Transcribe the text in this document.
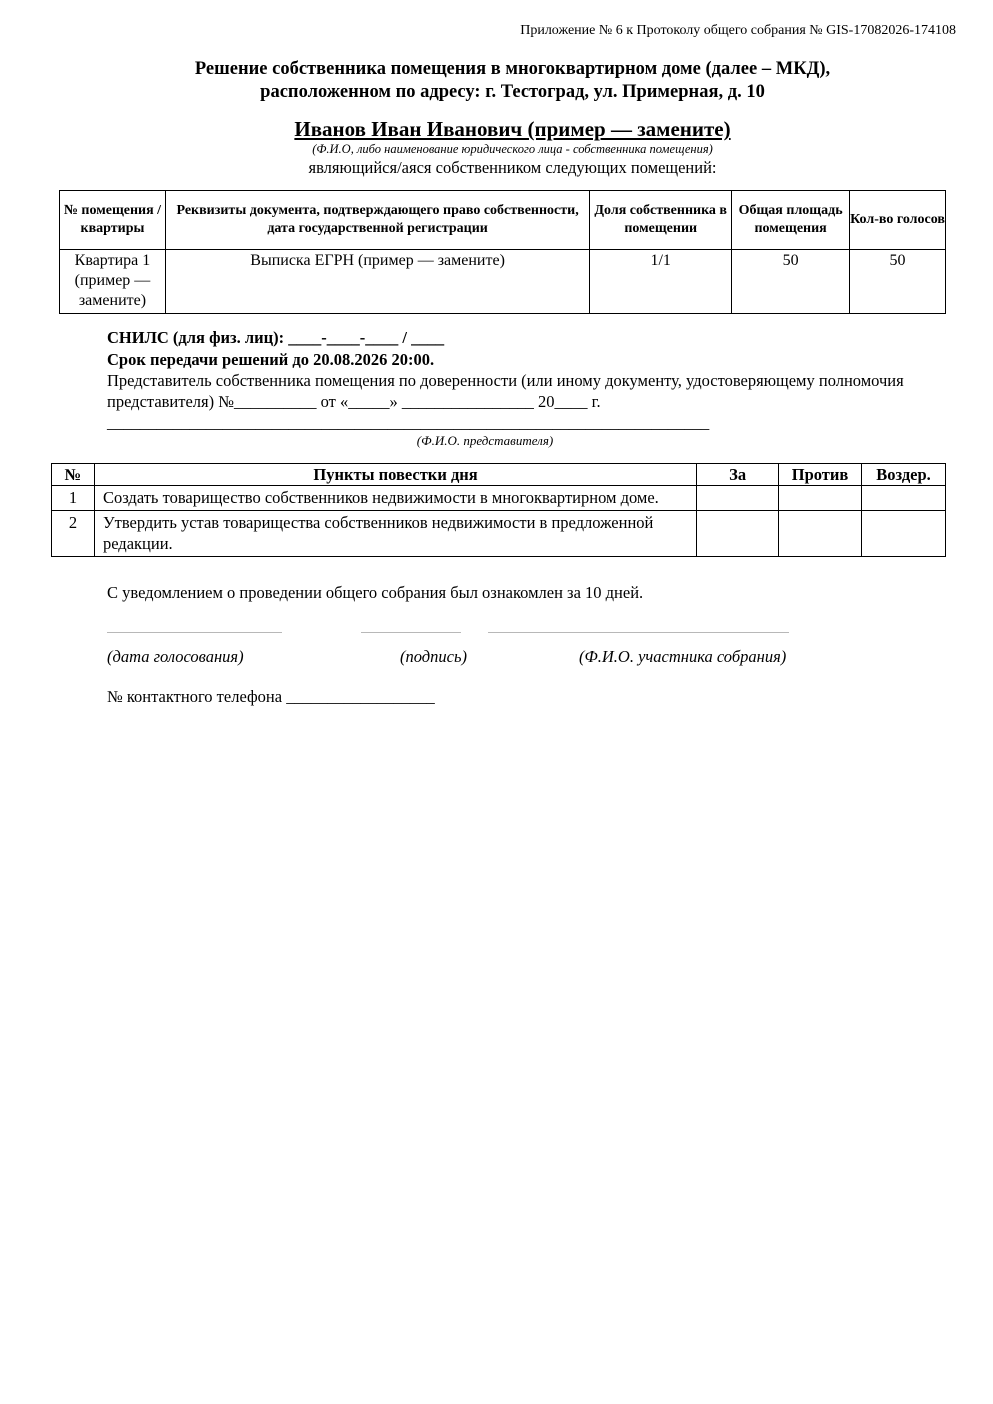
Приложение № 6 к Протоколу общего собрания № GIS-17082026-174108
Решение собственника помещения в многоквартирном доме (далее – МКД),
расположенном по адресу: г. Тестоград, ул. Примерная, д. 10
Иванов Иван Иванович (пример — замените)
(Ф.И.О, либо наименование юридического лица - собственника помещения)
являющийся/аяся собственником следующих помещений:
№ помещения /квартиры	Реквизиты документа, подтверждающего право собственности, дата государственной регистрации	Доля собственника в помещении	Общая площадь помещения	Кол-во голосов
Квартира 1 (пример — замените)	Выписка ЕГРН (пример — замените)	1/1	50	50
СНИЛС (для физ. лиц): ____-____-____ / ____
Срок передачи решений до 20.08.2026 20:00.
Представитель собственника помещения по доверенности (или иному документу, удостоверяющему полномочия представителя) №__________ от «_____» ________________ 20____ г.
_________________________________________________________________________
(Ф.И.О. представителя)
№	Пункты повестки дня	За	Против	Воздер.
1	Создать товарищество собственников недвижимости в многоквартирном доме.			
2	Утвердить устав товарищества собственников недвижимости в предложенной редакции.			
С уведомлением о проведении общего собрания был ознакомлен за 10 дней.
(дата голосования)	(подпись)	(Ф.И.О. участника собрания)
№ контактного телефона __________________
